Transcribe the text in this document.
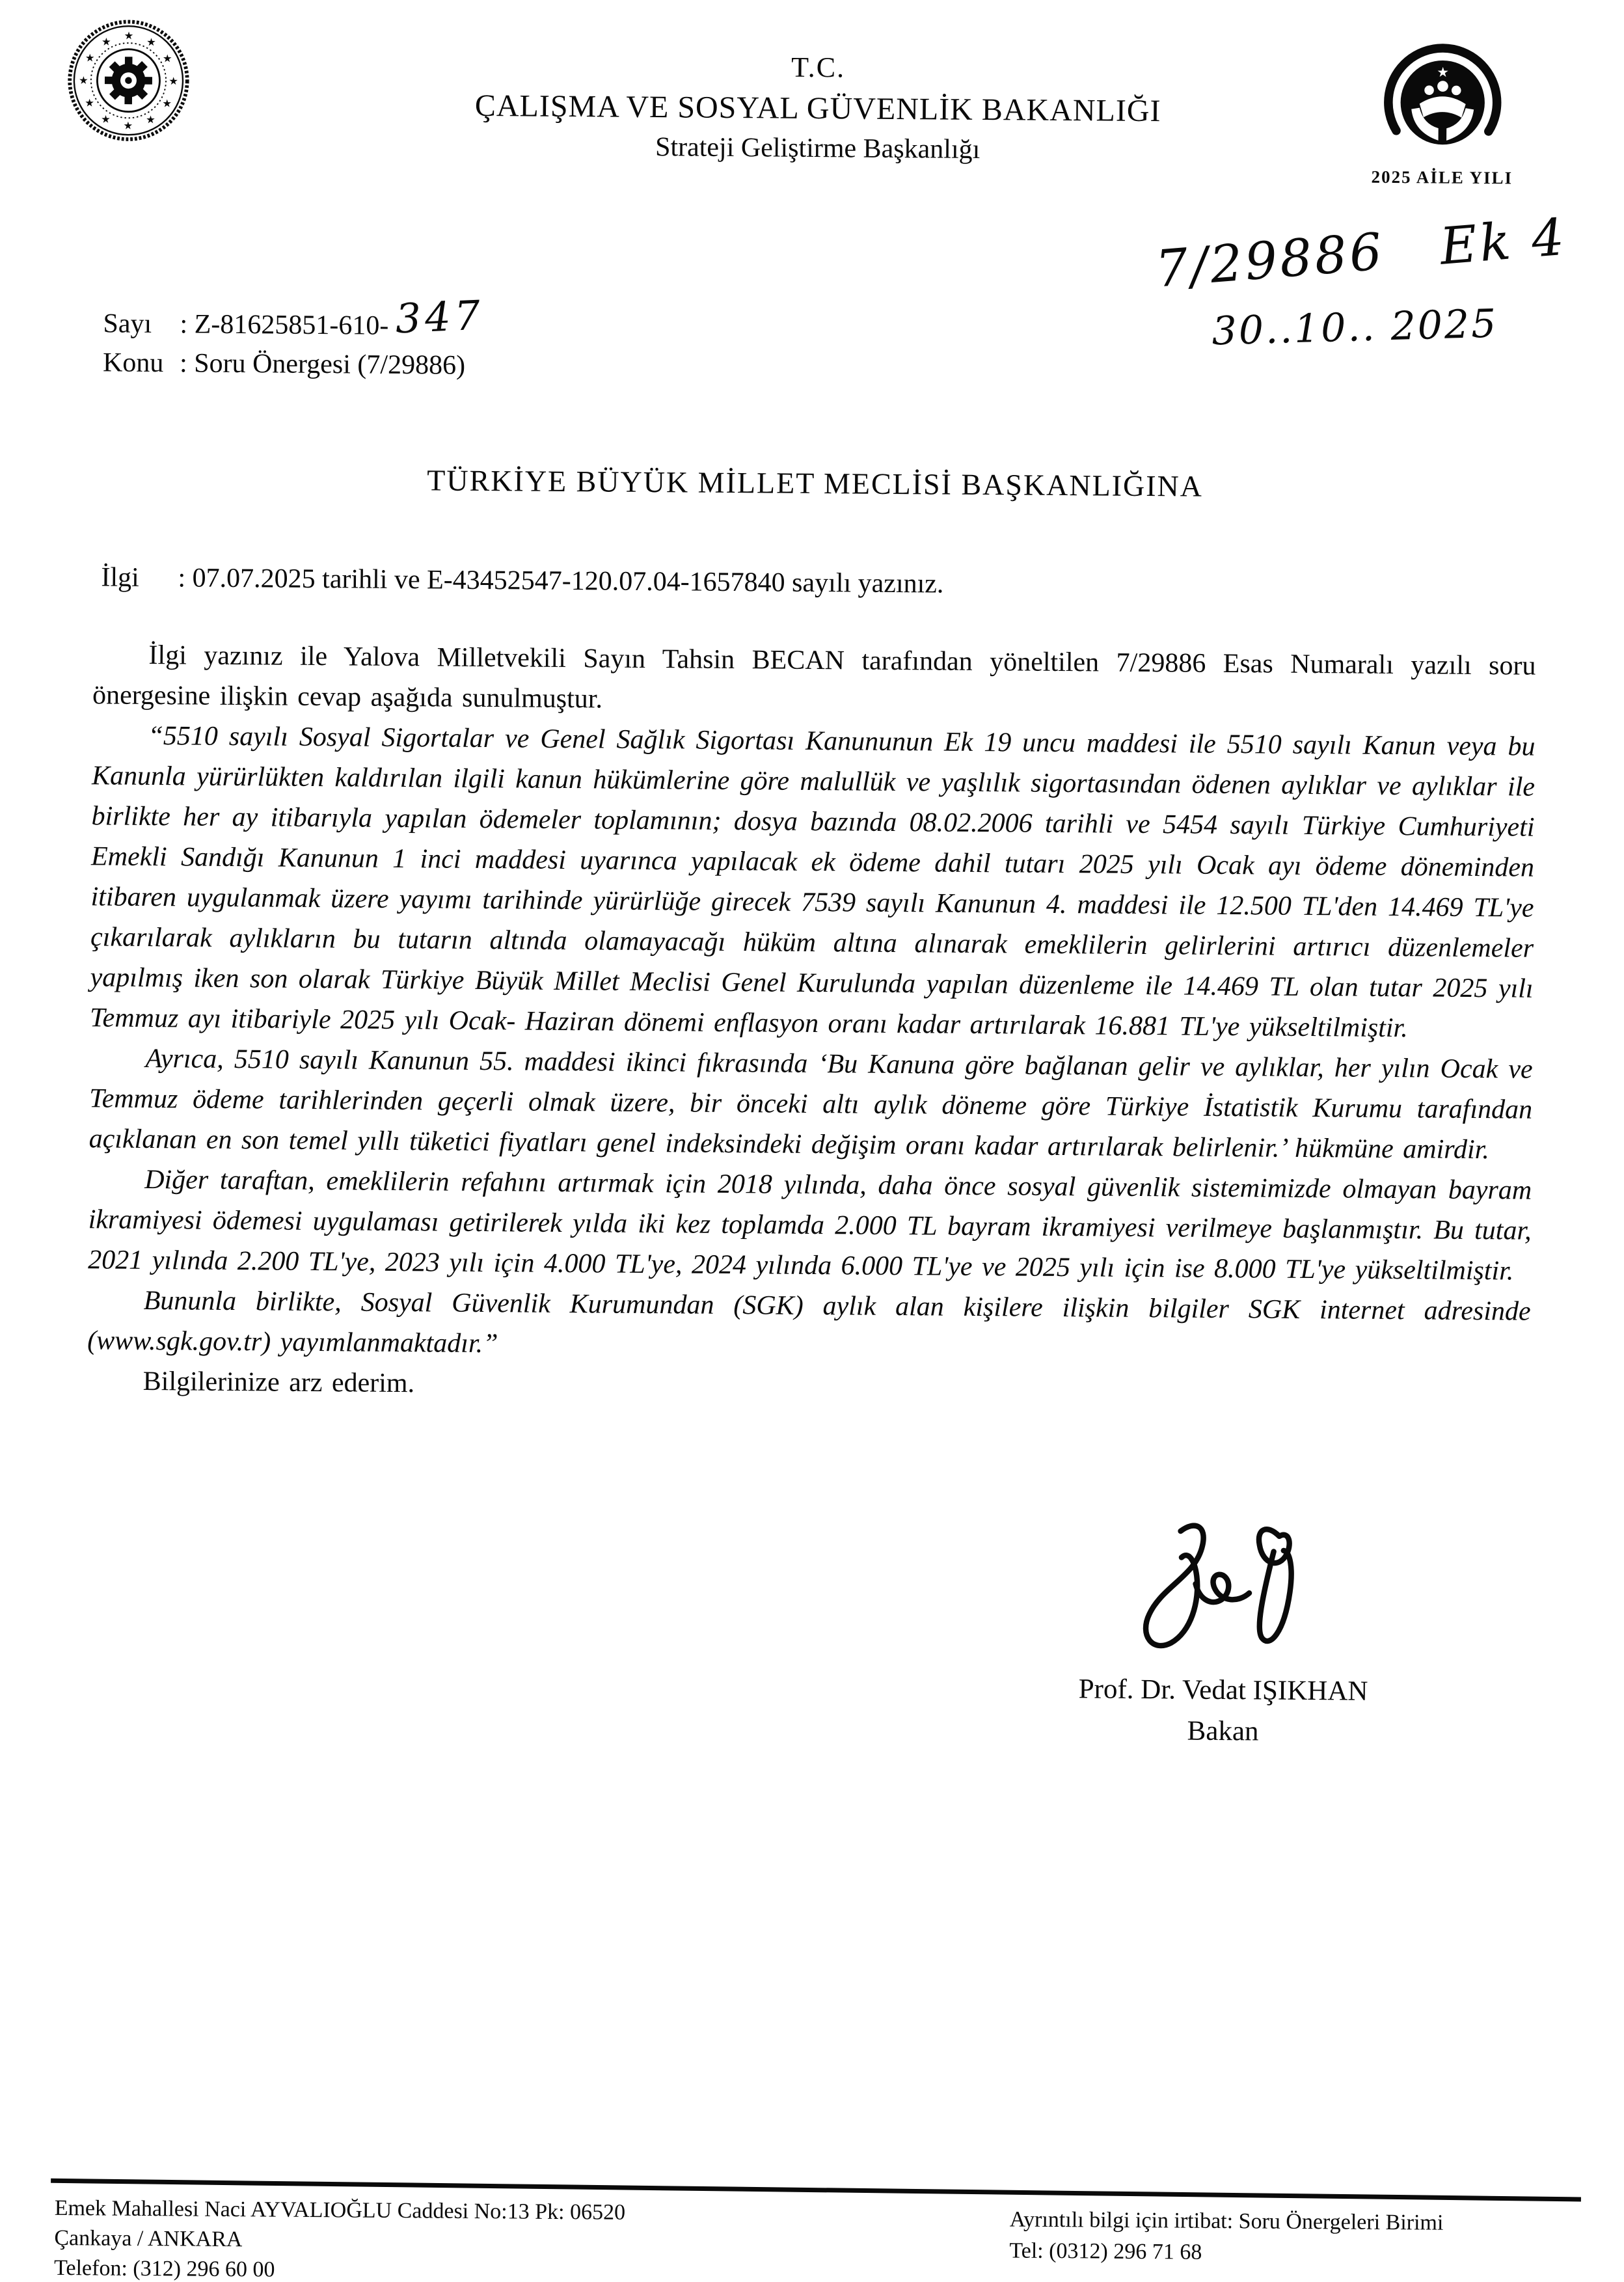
★
★
★
★
★
★
★
★
★
★
★
★
T.C.
ÇALIŞMA VE SOSYAL GÜVENLİK BAKANLIĞI
Strateji Geliştirme Başkanlığı
★
2025 AİLE YILI
7/29886   Ek 4
30..10.. 2025
Sayı : Z-81625851-610- 347
Konu : Soru Önergesi (7/29886)
TÜRKİYE BÜYÜK MİLLET MECLİSİ BAŞKANLIĞINA
İlgi : 07.07.2025 tarihli ve E-43452547-120.07.04-1657840 sayılı yazınız.

İlgi yazınız ile Yalova Milletvekili Sayın Tahsin BECAN tarafından yöneltilen 7/29886 Esas Numaralı yazılı soru önergesine ilişkin cevap aşağıda sunulmuştur.

“5510 sayılı Sosyal Sigortalar ve Genel Sağlık Sigortası Kanununun Ek 19 uncu maddesi ile 5510 sayılı Kanun veya bu Kanunla yürürlükten kaldırılan ilgili kanun hükümlerine göre malullük ve yaşlılık sigortasından ödenen aylıklar ve aylıklar ile birlikte her ay itibarıyla yapılan ödemeler toplamının; dosya bazında 08.02.2006 tarihli ve 5454 sayılı Türkiye Cumhuriyeti Emekli Sandığı Kanunun 1 inci maddesi uyarınca yapılacak ek ödeme dahil tutarı 2025 yılı Ocak ayı ödeme döneminden itibaren uygulanmak üzere yayımı tarihinde yürürlüğe girecek 7539 sayılı Kanunun 4. maddesi ile 12.500 TL'den 14.469 TL'ye çıkarılarak aylıkların bu tutarın altında olamayacağı hüküm altına alınarak emeklilerin gelirlerini artırıcı düzenlemeler yapılmış iken son olarak Türkiye Büyük Millet Meclisi Genel Kurulunda yapılan düzenleme ile 14.469 TL olan tutar 2025 yılı Temmuz ayı itibariyle 2025 yılı Ocak- Haziran dönemi enflasyon oranı kadar artırılarak 16.881 TL'ye yükseltilmiştir.

Ayrıca, 5510 sayılı Kanunun 55. maddesi ikinci fıkrasında ‘Bu Kanuna göre bağlanan gelir ve aylıklar, her yılın Ocak ve Temmuz ödeme tarihlerinden geçerli olmak üzere, bir önceki altı aylık döneme göre Türkiye İstatistik Kurumu tarafından açıklanan en son temel yıllı tüketici fiyatları genel indeksindeki değişim oranı kadar artırılarak belirlenir.’ hükmüne amirdir.

Diğer taraftan, emeklilerin refahını artırmak için 2018 yılında, daha önce sosyal güvenlik sistemimizde olmayan bayram ikramiyesi ödemesi uygulaması getirilerek yılda iki kez toplamda 2.000 TL bayram ikramiyesi verilmeye başlanmıştır. Bu tutar, 2021 yılında 2.200 TL'ye, 2023 yılı için 4.000 TL'ye, 2024 yılında 6.000 TL'ye ve 2025 yılı için ise 8.000 TL'ye yükseltilmiştir.

Bununla birlikte, Sosyal Güvenlik Kurumundan (SGK) aylık alan kişilere ilişkin bilgiler SGK internet adresinde (www.sgk.gov.tr) yayımlanmaktadır.”

Bilgilerinize arz ederim.

Prof. Dr. Vedat IŞIKHAN
Bakan
Emek Mahallesi Naci AYVALIOĞLU Caddesi No:13 Pk: 06520
Çankaya / ANKARA
Telefon: (312) 296 60 00
Ayrıntılı bilgi için irtibat: Soru Önergeleri Birimi
Tel: (0312) 296 71 68
